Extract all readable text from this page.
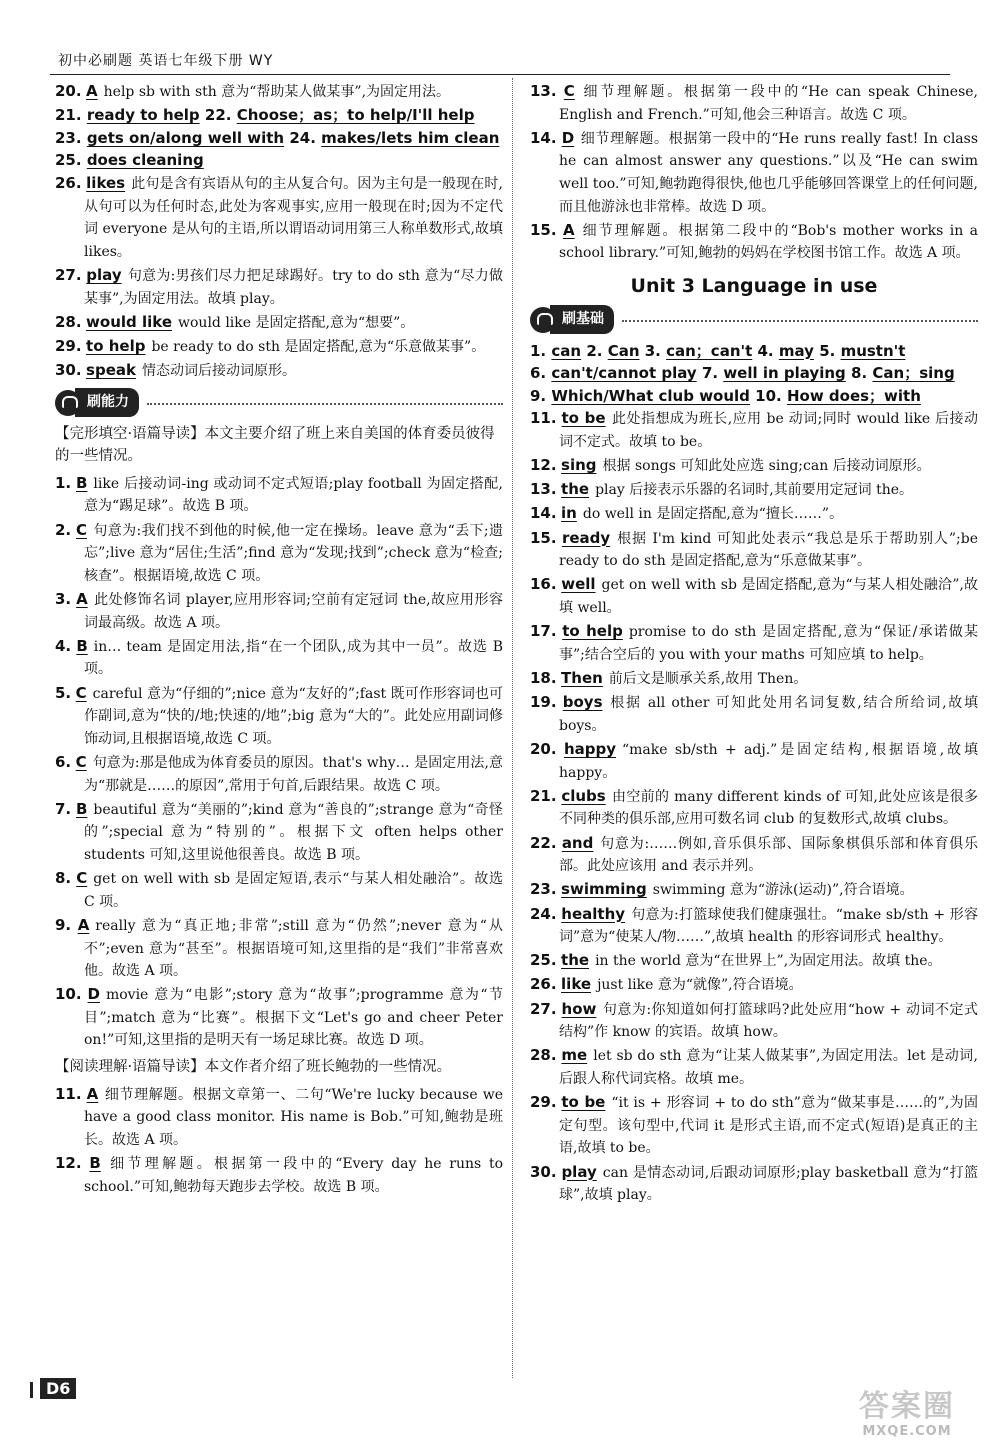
初中必刷题 英语七年级下册 WY

20. A help sb with sth 意为“帮助某人做某事”,为固定用法。

21. ready to help 22. Choose；as；to help/I'll help

23. gets on/along well with 24. makes/lets him clean

25. does cleaning

26. likes 此句是含有宾语从句的主从复合句。因为主句是一般现在时,从句可以为任何时态,此处为客观事实,应用一般现在时;因为不定代词 everyone 是从句的主语,所以谓语动词用第三人称单数形式,故填 likes。

27. play 句意为:男孩们尽力把足球踢好。try to do sth 意为“尽力做某事”,为固定用法。故填 play。

28. would like would like 是固定搭配,意为“想要”。

29. to help be ready to do sth 是固定搭配,意为“乐意做某事”。

30. speak 情态动词后接动词原形。

刷能力

【完形填空·语篇导读】本文主要介绍了班上来自美国的体育委员彼得的一些情况。

1. B like 后接动词-ing 或动词不定式短语;play football 为固定搭配,意为“踢足球”。故选 B 项。

2. C 句意为:我们找不到他的时候,他一定在操场。leave 意为“丢下;遗忘”;live 意为“居住;生活”;find 意为“发现;找到”;check 意为“检查;核查”。根据语境,故选 C 项。

3. A 此处修饰名词 player,应用形容词;空前有定冠词 the,故应用形容词最高级。故选 A 项。

4. B in… team 是固定用法,指“在一个团队,成为其中一员”。故选 B 项。

5. C careful 意为“仔细的”;nice 意为“友好的”;fast 既可作形容词也可作副词,意为“快的/地;快速的/地”;big 意为“大的”。此处应用副词修饰动词,且根据语境,故选 C 项。

6. C 句意为:那是他成为体育委员的原因。that's why… 是固定用法,意为“那就是……的原因”,常用于句首,后跟结果。故选 C 项。

7. B beautiful 意为“美丽的”;kind 意为“善良的”;strange 意为“奇怪的”;special 意为“特别的”。根据下文 often helps other students 可知,这里说他很善良。故选 B 项。

8. C get on well with sb 是固定短语,表示“与某人相处融洽”。故选 C 项。

9. A really 意为“真正地;非常”;still 意为“仍然”;never 意为“从不”;even 意为“甚至”。根据语境可知,这里指的是“我们”非常喜欢他。故选 A 项。

10. D movie 意为“电影”;story 意为“故事”;programme 意为“节目”;match 意为“比赛”。根据下文“Let's go and cheer Peter on!”可知,这里指的是明天有一场足球比赛。故选 D 项。

【阅读理解·语篇导读】本文作者介绍了班长鲍勃的一些情况。

11. A 细节理解题。根据文章第一、二句“We're lucky because we have a good class monitor. His name is Bob.”可知,鲍勃是班长。故选 A 项。

12. B 细节理解题。根据第一段中的“Every day he runs to school.”可知,鲍勃每天跑步去学校。故选 B 项。

13. C 细节理解题。根据第一段中的“He can speak Chinese, English and French.”可知,他会三种语言。故选 C 项。

14. D 细节理解题。根据第一段中的“He runs really fast! In class he can almost answer any questions.”以及“He can swim well too.”可知,鲍勃跑得很快,他也几乎能够回答课堂上的任何问题,而且他游泳也非常棒。故选 D 项。

15. A 细节理解题。根据第二段中的“Bob's mother works in a school library.”可知,鲍勃的妈妈在学校图书馆工作。故选 A 项。

Unit 3 Language in use
刷基础

1. can 2. Can 3. can；can't 4. may 5. mustn't

6. can't/cannot play 7. well in playing 8. Can；sing

9. Which/What club would 10. How does；with

11. to be 此处指想成为班长,应用 be 动词;同时 would like 后接动词不定式。故填 to be。

12. sing 根据 songs 可知此处应选 sing;can 后接动词原形。

13. the play 后接表示乐器的名词时,其前要用定冠词 the。

14. in do well in 是固定搭配,意为“擅长……”。

15. ready 根据 I'm kind 可知此处表示“我总是乐于帮助别人”;be ready to do sth 是固定搭配,意为“乐意做某事”。

16. well get on well with sb 是固定搭配,意为“与某人相处融洽”,故填 well。

17. to help promise to do sth 是固定搭配,意为“保证/承诺做某事”;结合空后的 you with your maths 可知应填 to help。

18. Then 前后文是顺承关系,故用 Then。

19. boys 根据 all other 可知此处用名词复数,结合所给词,故填 boys。

20. happy “make sb/sth + adj.”是固定结构,根据语境,故填 happy。

21. clubs 由空前的 many different kinds of 可知,此处应该是很多不同种类的俱乐部,应用可数名词 club 的复数形式,故填 clubs。

22. and 句意为:……例如,音乐俱乐部、国际象棋俱乐部和体育俱乐部。此处应该用 and 表示并列。

23. swimming swimming 意为“游泳(运动)”,符合语境。

24. healthy 句意为:打篮球使我们健康强壮。“make sb/sth + 形容词”意为“使某人/物……”,故填 health 的形容词形式 healthy。

25. the in the world 意为“在世界上”,为固定用法。故填 the。

26. like just like 意为“就像”,符合语境。

27. how 句意为:你知道如何打篮球吗?此处应用“how + 动词不定式结构”作 know 的宾语。故填 how。

28. me let sb do sth 意为“让某人做某事”,为固定用法。let 是动词,后跟人称代词宾格。故填 me。

29. to be “it is + 形容词 + to do sth”意为“做某事是……的”,为固定句型。该句型中,代词 it 是形式主语,而不定式(短语)是真正的主语,故填 to be。

30. play can 是情态动词,后跟动词原形;play basketball 意为“打篮球”,故填 play。

D6
答案圈
MXQE.COM
